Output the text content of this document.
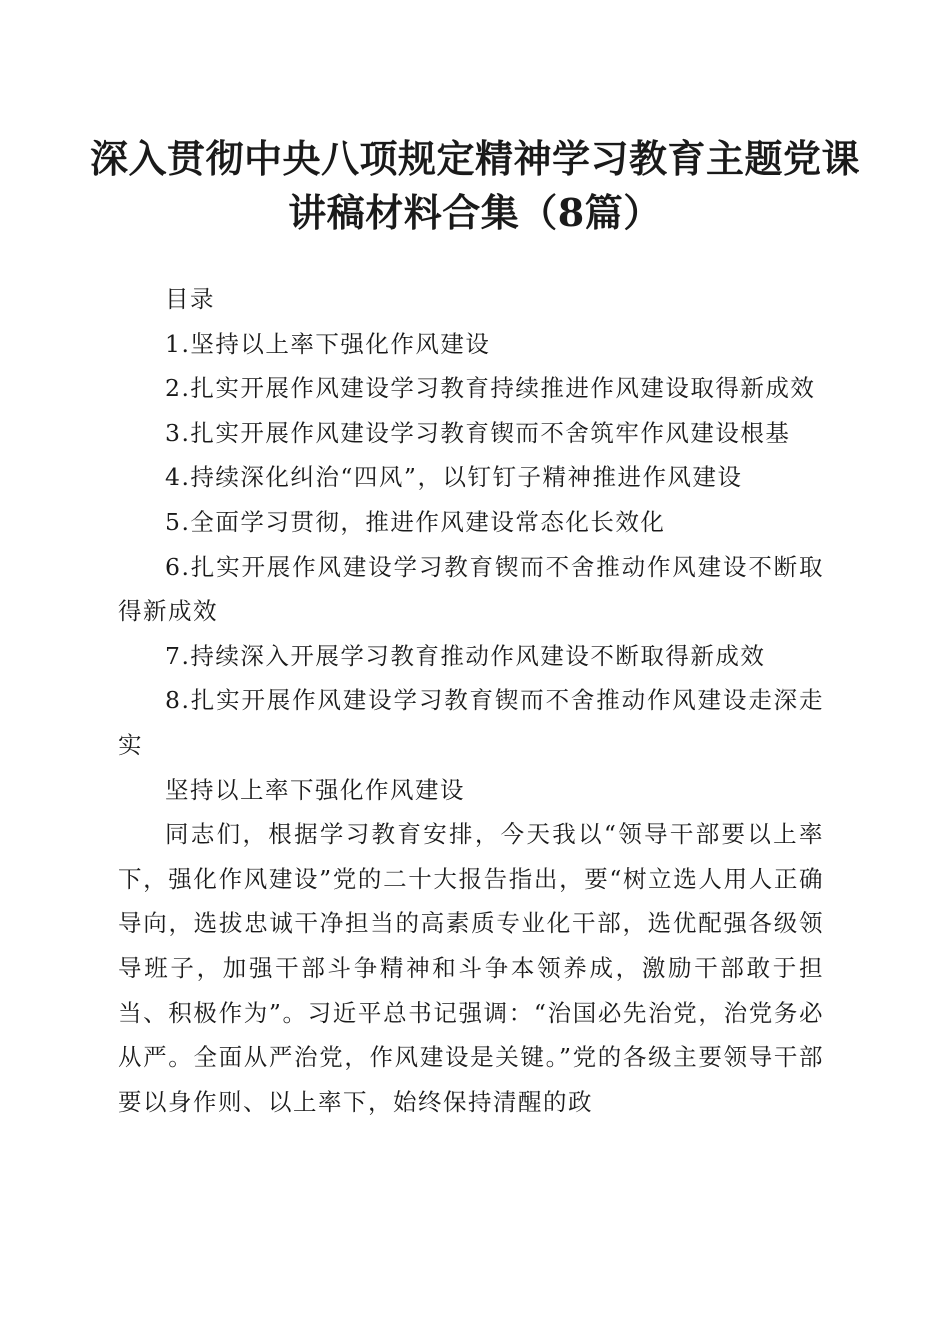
深入贯彻中央八项规定精神学习教育主题党课
讲稿材料合集（8篇）

目录

1.坚持以上率下强化作风建设

2.扎实开展作风建设学习教育持续推进作风建设取得新成效

3.扎实开展作风建设学习教育锲而不舍筑牢作风建设根基

4.持续深化纠治“四风”，以钉钉子精神推进作风建设

5.全面学习贯彻，推进作风建设常态化长效化

6.扎实开展作风建设学习教育锲而不舍推动作风建设不断取得新成效

7.持续深入开展学习教育推动作风建设不断取得新成效

8.扎实开展作风建设学习教育锲而不舍推动作风建设走深走实

坚持以上率下强化作风建设

同志们，根据学习教育安排，今天我以“领导干部要以上率下，强化作风建设”党的二十大报告指出，要“树立选人用人正确导向，选拔忠诚干净担当的高素质专业化干部，选优配强各级领导班子，加强干部斗争精神和斗争本领养成，激励干部敢于担当、积极作为”。习近平总书记强调：“治国必先治党，治党务必从严。全面从严治党，作风建设是关键。”党的各级主要领导干部要以身作则、以上率下，始终保持清醒的政
